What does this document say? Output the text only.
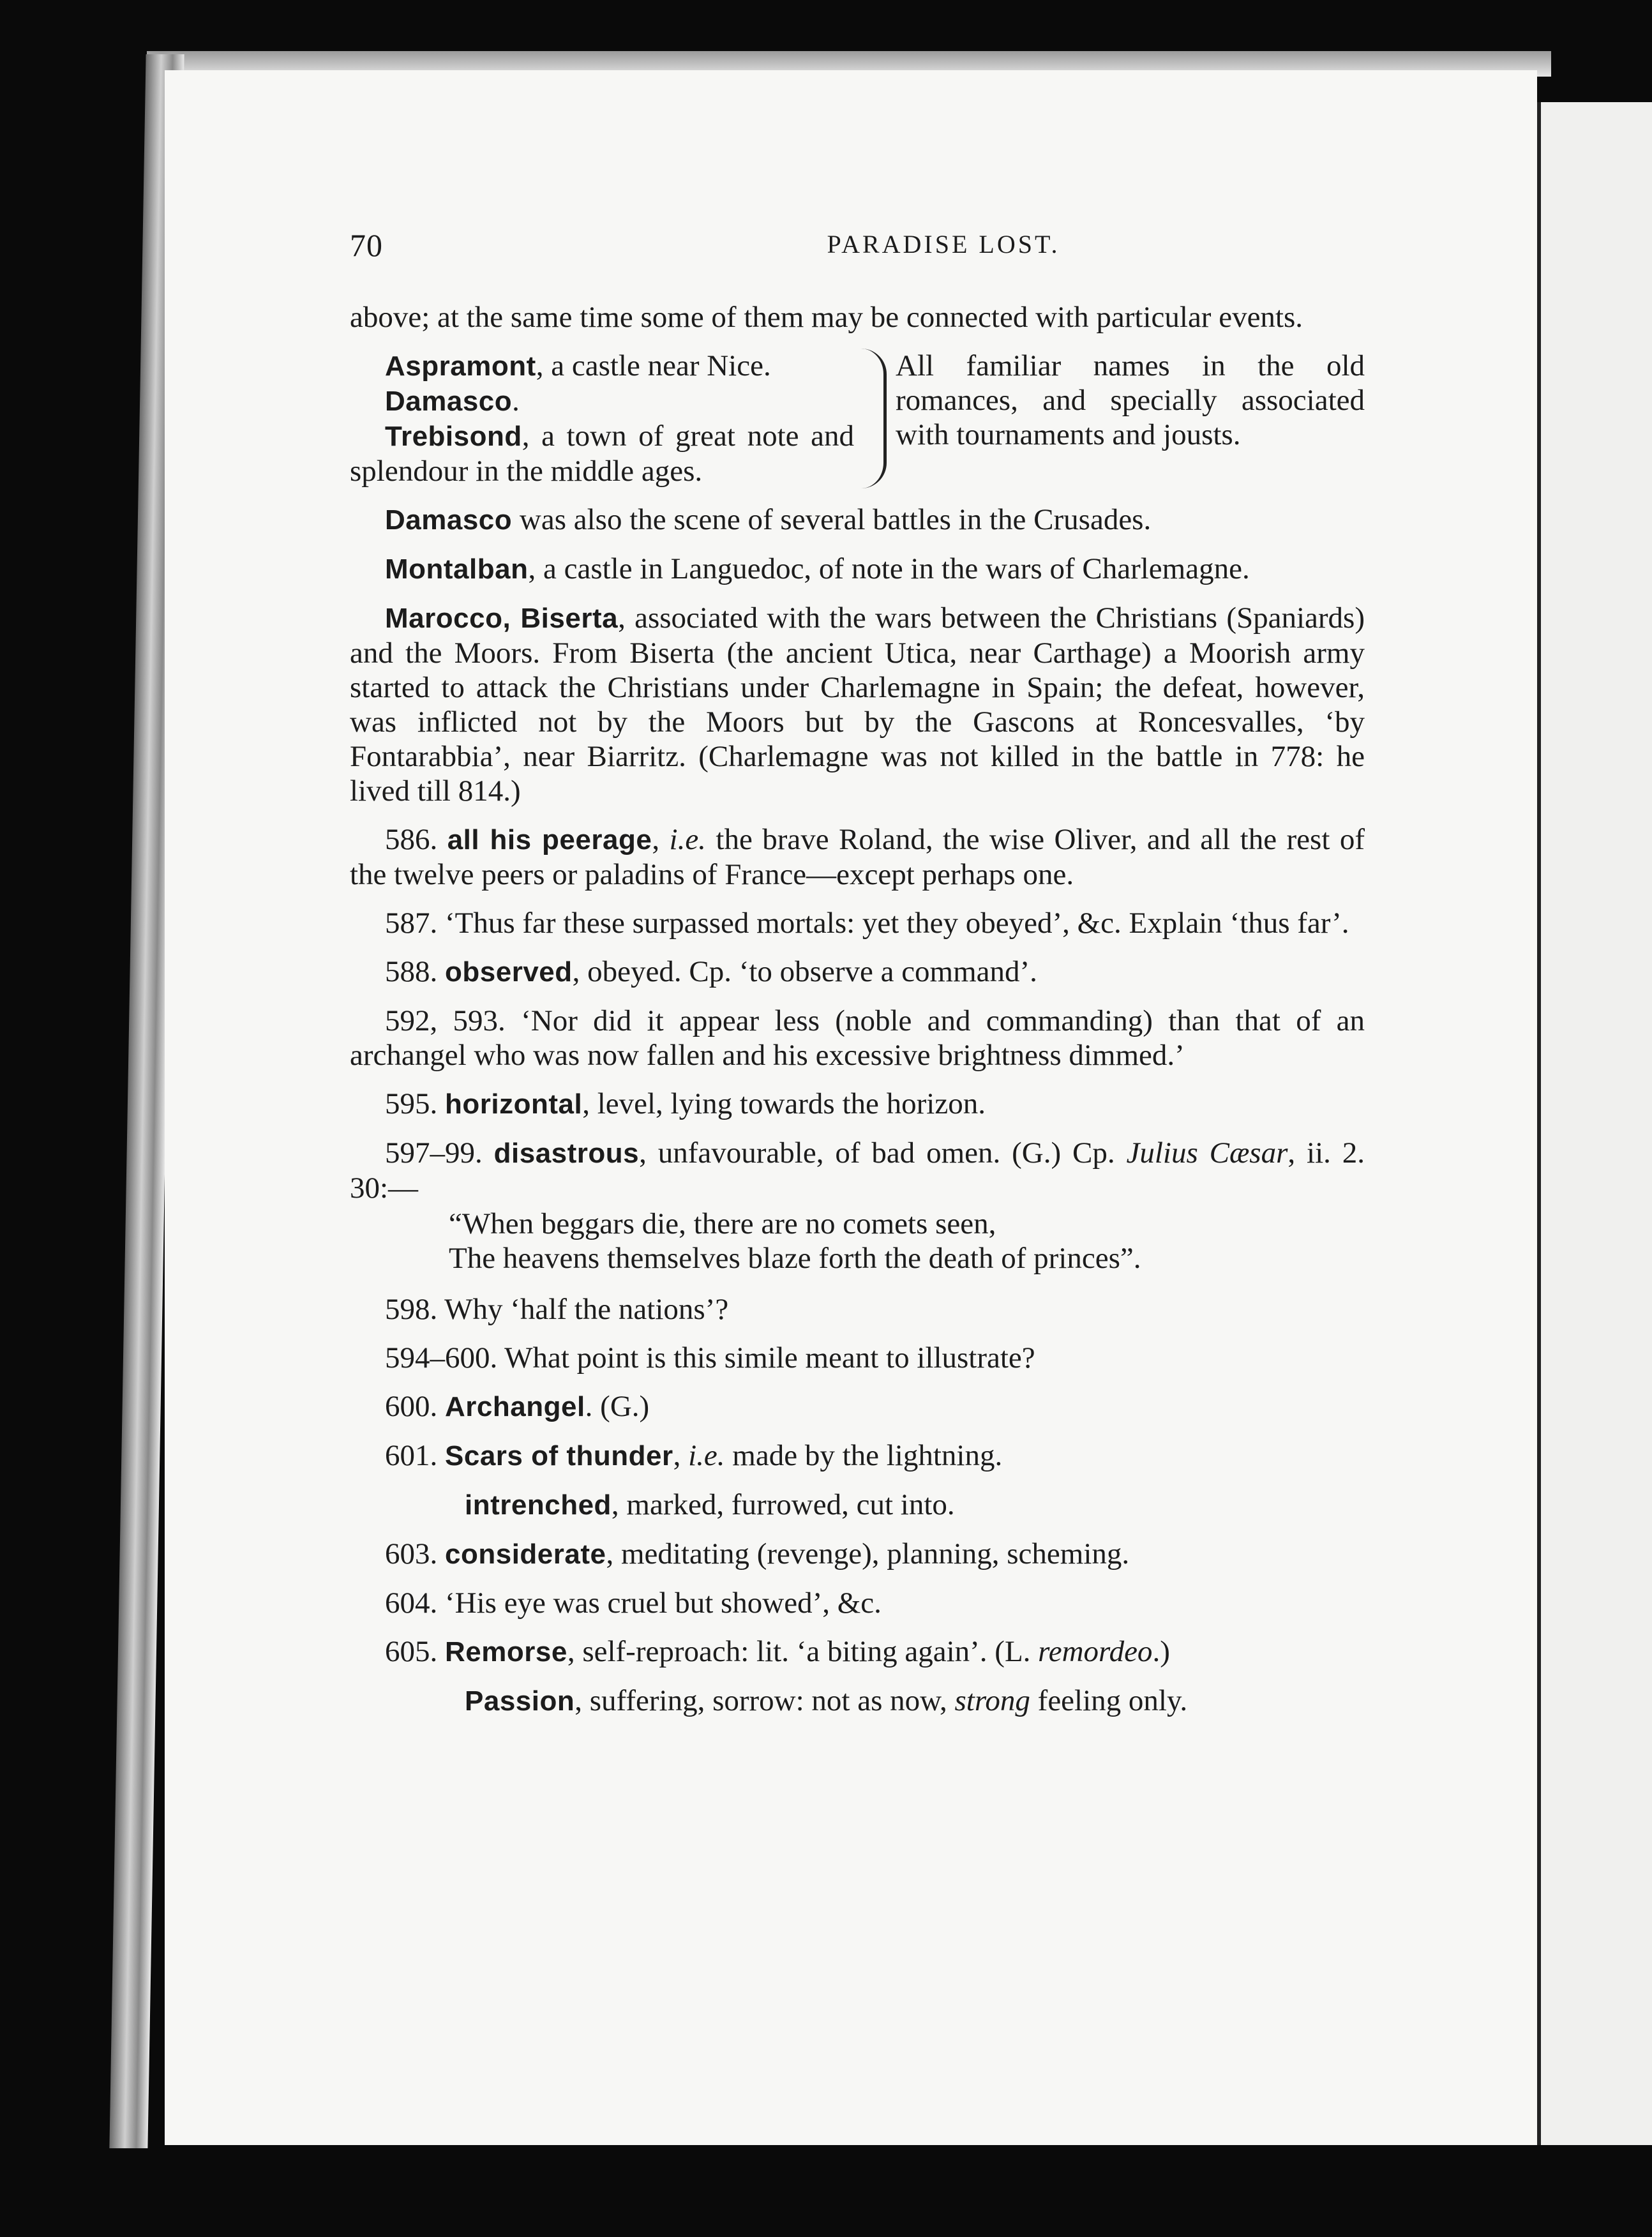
70	PARADISE LOST.

above; at the same time some of them may be connected with particular events.

Aspramont, a castle near Nice.
Damasco.
Trebisond, a town of great note and splendour in the middle ages.
All familiar names in the old romances, and specially associated with tournaments and jousts.

Damasco was also the scene of several battles in the Crusades.

Montalban, a castle in Languedoc, of note in the wars of Charlemagne.

Marocco, Biserta, associated with the wars between the Christians (Spaniards) and the Moors. From Biserta (the ancient Utica, near Carthage) a Moorish army started to attack the Christians under Charlemagne in Spain; the defeat, however, was inflicted not by the Moors but by the Gascons at Roncesvalles, ‘by Fontarabbia’, near Biarritz. (Charlemagne was not killed in the battle in 778: he lived till 814.)

586. all his peerage, i.e. the brave Roland, the wise Oliver, and all the rest of the twelve peers or paladins of France—except perhaps one.

587. ‘Thus far these surpassed mortals: yet they obeyed’, &c. Explain ‘thus far’.

588. observed, obeyed. Cp. ‘to observe a command’.

592, 593. ‘Nor did it appear less (noble and commanding) than that of an archangel who was now fallen and his excessive brightness dimmed.’

595. horizontal, level, lying towards the horizon.

597–99. disastrous, unfavourable, of bad omen. (G.) Cp. Julius Cæsar, ii. 2. 30:—

“When beggars die, there are no comets seen,
The heavens themselves blaze forth the death of princes”.

598. Why ‘half the nations’?

594–600. What point is this simile meant to illustrate?

600. Archangel. (G.)

601. Scars of thunder, i.e. made by the lightning.

intrenched, marked, furrowed, cut into.

603. considerate, meditating (revenge), planning, scheming.

604. ‘His eye was cruel but showed’, &c.

605. Remorse, self-reproach: lit. ‘a biting again’. (L. remordeo.)

Passion, suffering, sorrow: not as now, strong feeling only.
